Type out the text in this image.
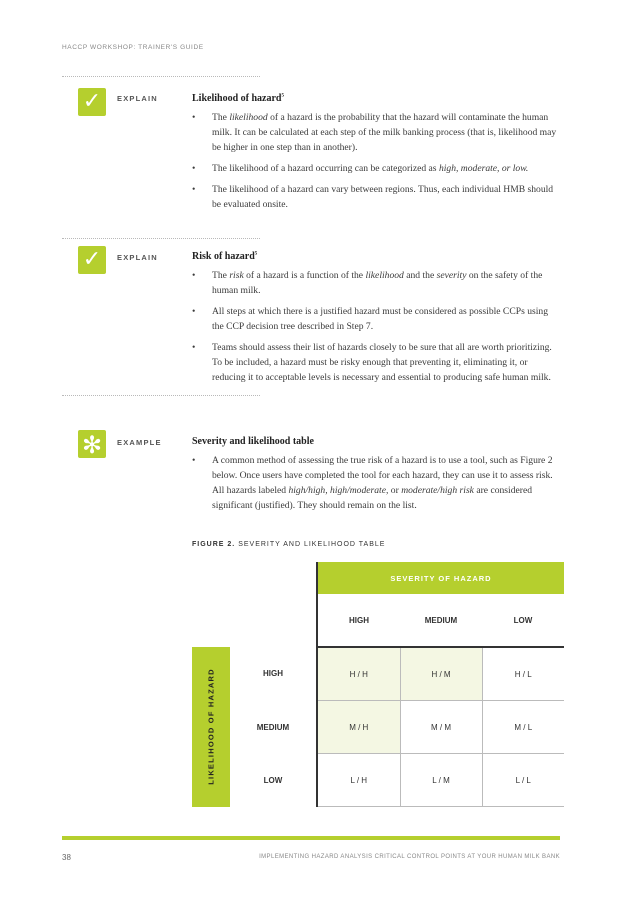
HACCP WORKSHOP: TRAINER'S GUIDE
✓	EXPLAIN	Likelihood of hazard$^5$
• The likelihood of a hazard is the probability that the hazard will contaminate the human milk. It can be calculated at each step of the milk banking process (that is, likelihood may be higher in one step than in another).
• The likelihood of a hazard occurring can be categorized as high, moderate, or low.
• The likelihood of a hazard can vary between regions. Thus, each individual HMB should be evaluated onsite.
✓	EXPLAIN	Risk of hazard$^5$
• The risk of a hazard is a function of the likelihood and the severity on the safety of the human milk.
• All steps at which there is a justified hazard must be considered as possible CCPs using the CCP decision tree described in Step 7.
• Teams should assess their list of hazards closely to be sure that all are worth prioritizing. To be included, a hazard must be risky enough that preventing it, eliminating it, or reducing it to acceptable levels is necessary and essential to producing safe human milk.
✻	EXAMPLE	Severity and likelihood table
• A common method of assessing the true risk of a hazard is to use a tool, such as Figure 2 below. Once users have completed the tool for each hazard, they can use it to assess risk. All hazards labeled high/high, high/moderate, or moderate/high risk are considered significant (justified). They should remain on the list.
FIGURE 2. SEVERITY AND LIKELIHOOD TABLE
		SEVERITY OF HAZARD		
		HIGH	MEDIUM	LOW

LIKELIHOOD OF HAZARD	HIGH	H / H	H / M	H / L
	MEDIUM	M / H	M / M	M / L
	LOW	L / H	L / M	L / L
38	IMPLEMENTING HAZARD ANALYSIS CRITICAL CONTROL POINTS AT YOUR HUMAN MILK BANK
